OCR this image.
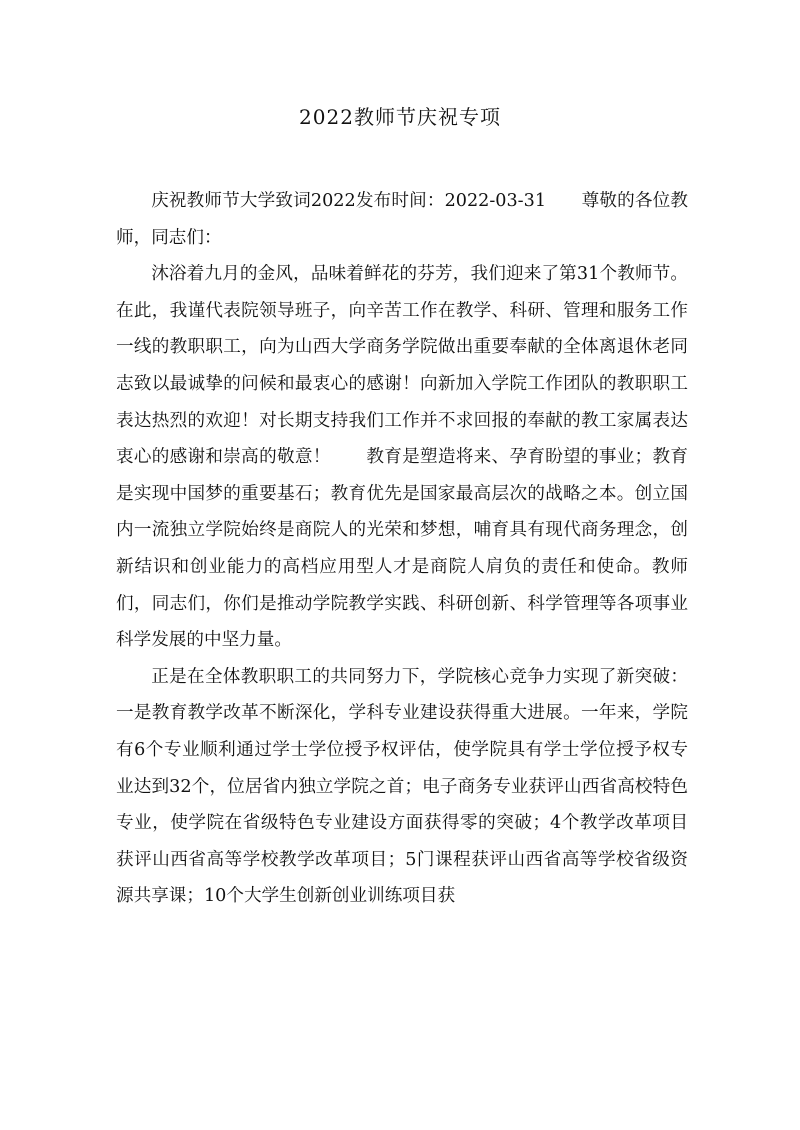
2022教师节庆祝专项

庆祝教师节大学致词2022发布时间：2022-03-31　　尊敬的各位教师，同志们：

沐浴着九月的金风，品味着鲜花的芬芳，我们迎来了第31个教师节。在此，我谨代表院领导班子，向辛苦工作在教学、科研、管理和服务工作一线的教职职工，向为山西大学商务学院做出重要奉献的全体离退休老同志致以最诚挚的问候和最衷心的感谢！向新加入学院工作团队的教职职工表达热烈的欢迎！对长期支持我们工作并不求回报的奉献的教工家属表达衷心的感谢和崇高的敬意！　　教育是塑造将来、孕育盼望的事业；教育是实现中国梦的重要基石；教育优先是国家最高层次的战略之本。创立国内一流独立学院始终是商院人的光荣和梦想，哺育具有现代商务理念，创新结识和创业能力的高档应用型人才是商院人肩负的责任和使命。教师们，同志们，你们是推动学院教学实践、科研创新、科学管理等各项事业科学发展的中坚力量。

正是在全体教职职工的共同努力下，学院核心竞争力实现了新突破：一是教育教学改革不断深化，学科专业建设获得重大进展。一年来，学院有6个专业顺利通过学士学位授予权评估，使学院具有学士学位授予权专业达到32个，位居省内独立学院之首；电子商务专业获评山西省高校特色专业，使学院在省级特色专业建设方面获得零的突破；4个教学改革项目获评山西省高等学校教学改革项目；5门课程获评山西省高等学校省级资源共享课；10个大学生创新创业训练项目获
